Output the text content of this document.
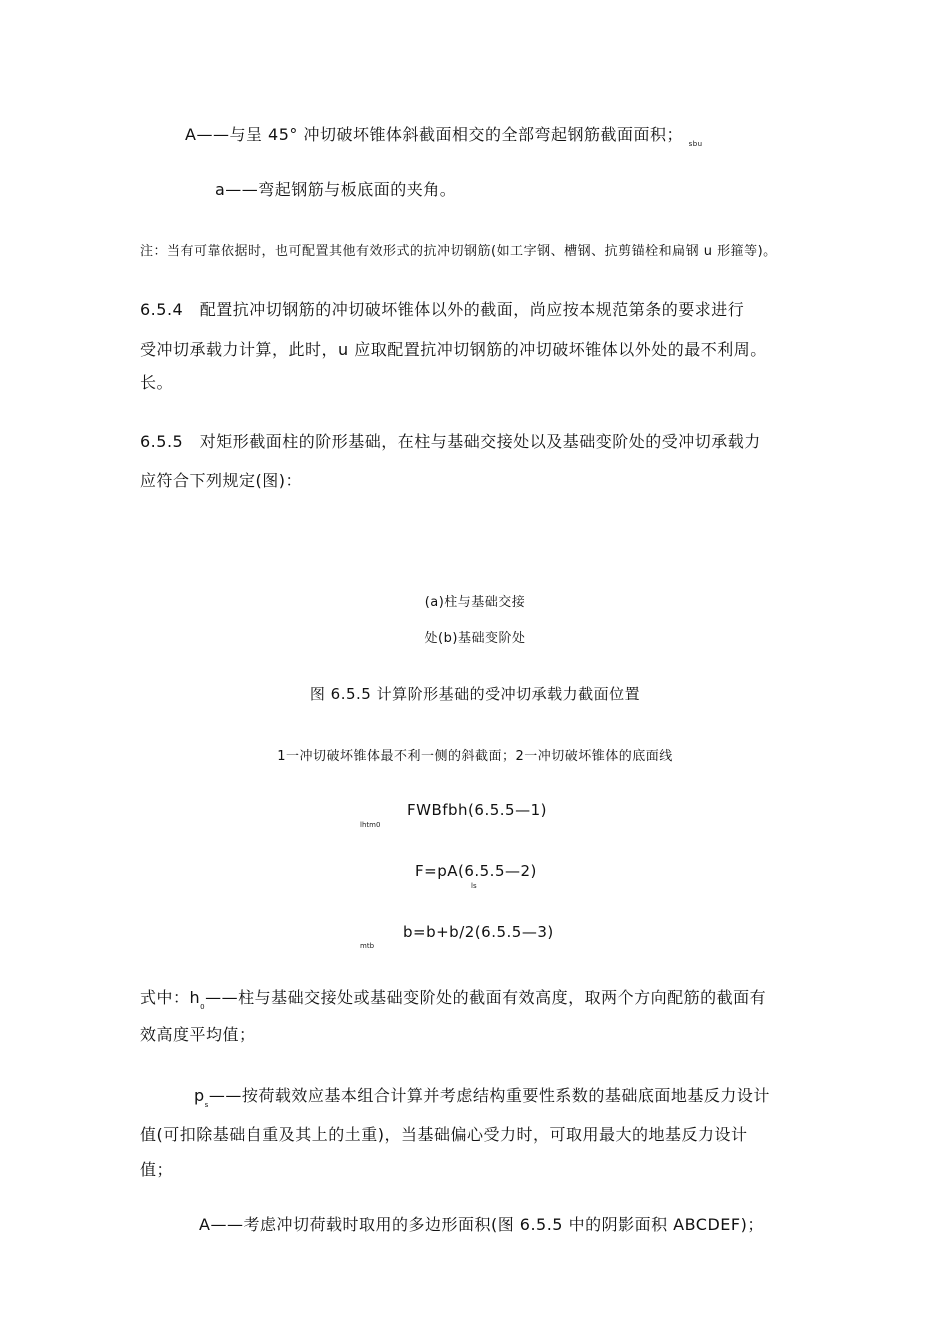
A——与呈 45° 冲切破坏锥体斜截面相交的全部弯起钢筋截面面积； $_{sbu}$
a——弯起钢筋与板底面的夹角。
注：当有可靠依据时，也可配置其他有效形式的抗冲切钢筋(如工字钢、槽钢、抗剪锚栓和扁钢 u 形箍等)。
6.5.4　配置抗冲切钢筋的冲切破坏锥体以外的截面，尚应按本规范第条的要求进行
受冲切承载力计算，此时，u 应取配置抗冲切钢筋的冲切破坏锥体以外处的最不利周。
长。
6.5.5　对矩形截面柱的阶形基础，在柱与基础交接处以及基础变阶处的受冲切承载力
应符合下列规定(图)：
(a)柱与基础交接
处(b)基础变阶处
图 6.5.5 计算阶形基础的受冲切承载力截面位置
1一冲切破坏锥体最不利一侧的斜截面；2一冲切破坏锥体的底面线
lhtm0
FWBfbh(6.5.5—1)
F=pA(6.5.5—2)
ls
mtb
b=b+b/2(6.5.5—3)
式中：$h_0——$柱与基础交接处或基础变阶处的截面有效高度，取两个方向配筋的截面有
效高度平均值；
$p_s——$按荷载效应基本组合计算并考虑结构重要性系数的基础底面地基反力设计
值(可扣除基础自重及其上的土重)，当基础偏心受力时，可取用最大的地基反力设计
值；
A——考虑冲切荷载时取用的多边形面积(图 6.5.5 中的阴影面积 ABCDEF)；
